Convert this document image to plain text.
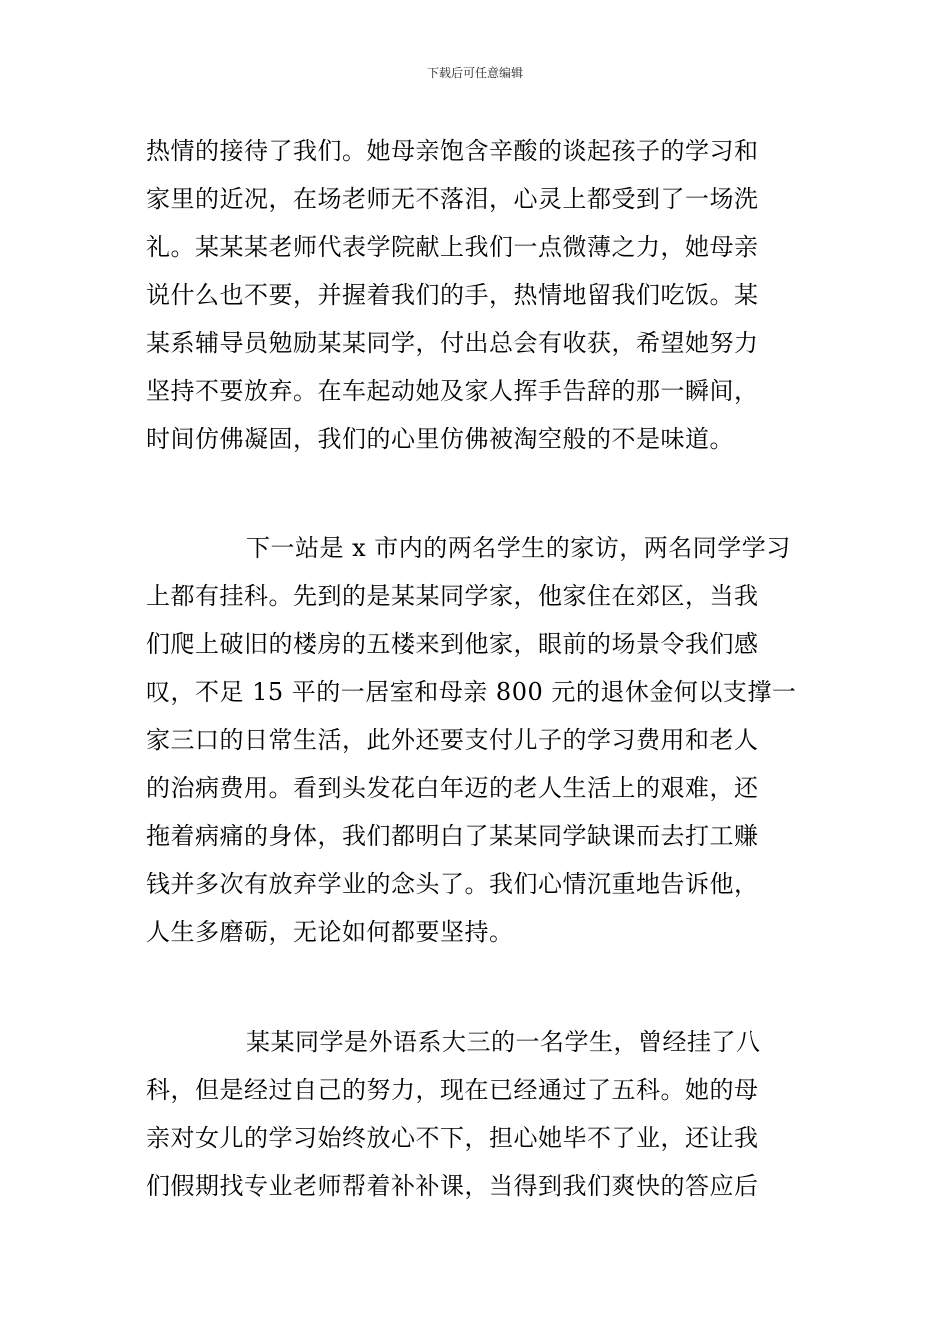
下载后可任意编辑
热情的接待了我们。她母亲饱含辛酸的谈起孩子的学习和
家里的近况，在场老师无不落泪，心灵上都受到了一场洗
礼。某某某老师代表学院献上我们一点微薄之力，她母亲
说什么也不要，并握着我们的手，热情地留我们吃饭。某
某系辅导员勉励某某同学，付出总会有收获，希望她努力
坚持不要放弃。在车起动她及家人挥手告辞的那一瞬间，
时间仿佛凝固，我们的心里仿佛被淘空般的不是味道。
下一站是 x 市内的两名学生的家访，两名同学学习
上都有挂科。先到的是某某同学家，他家住在郊区，当我
们爬上破旧的楼房的五楼来到他家，眼前的场景令我们感
叹，不足 15 平的一居室和母亲 800 元的退休金何以支撑一
家三口的日常生活，此外还要支付儿子的学习费用和老人
的治病费用。看到头发花白年迈的老人生活上的艰难，还
拖着病痛的身体，我们都明白了某某同学缺课而去打工赚
钱并多次有放弃学业的念头了。我们心情沉重地告诉他，
人生多磨砺，无论如何都要坚持。
某某同学是外语系大三的一名学生，曾经挂了八
科，但是经过自己的努力，现在已经通过了五科。她的母
亲对女儿的学习始终放心不下，担心她毕不了业，还让我
们假期找专业老师帮着补补课，当得到我们爽快的答应后
